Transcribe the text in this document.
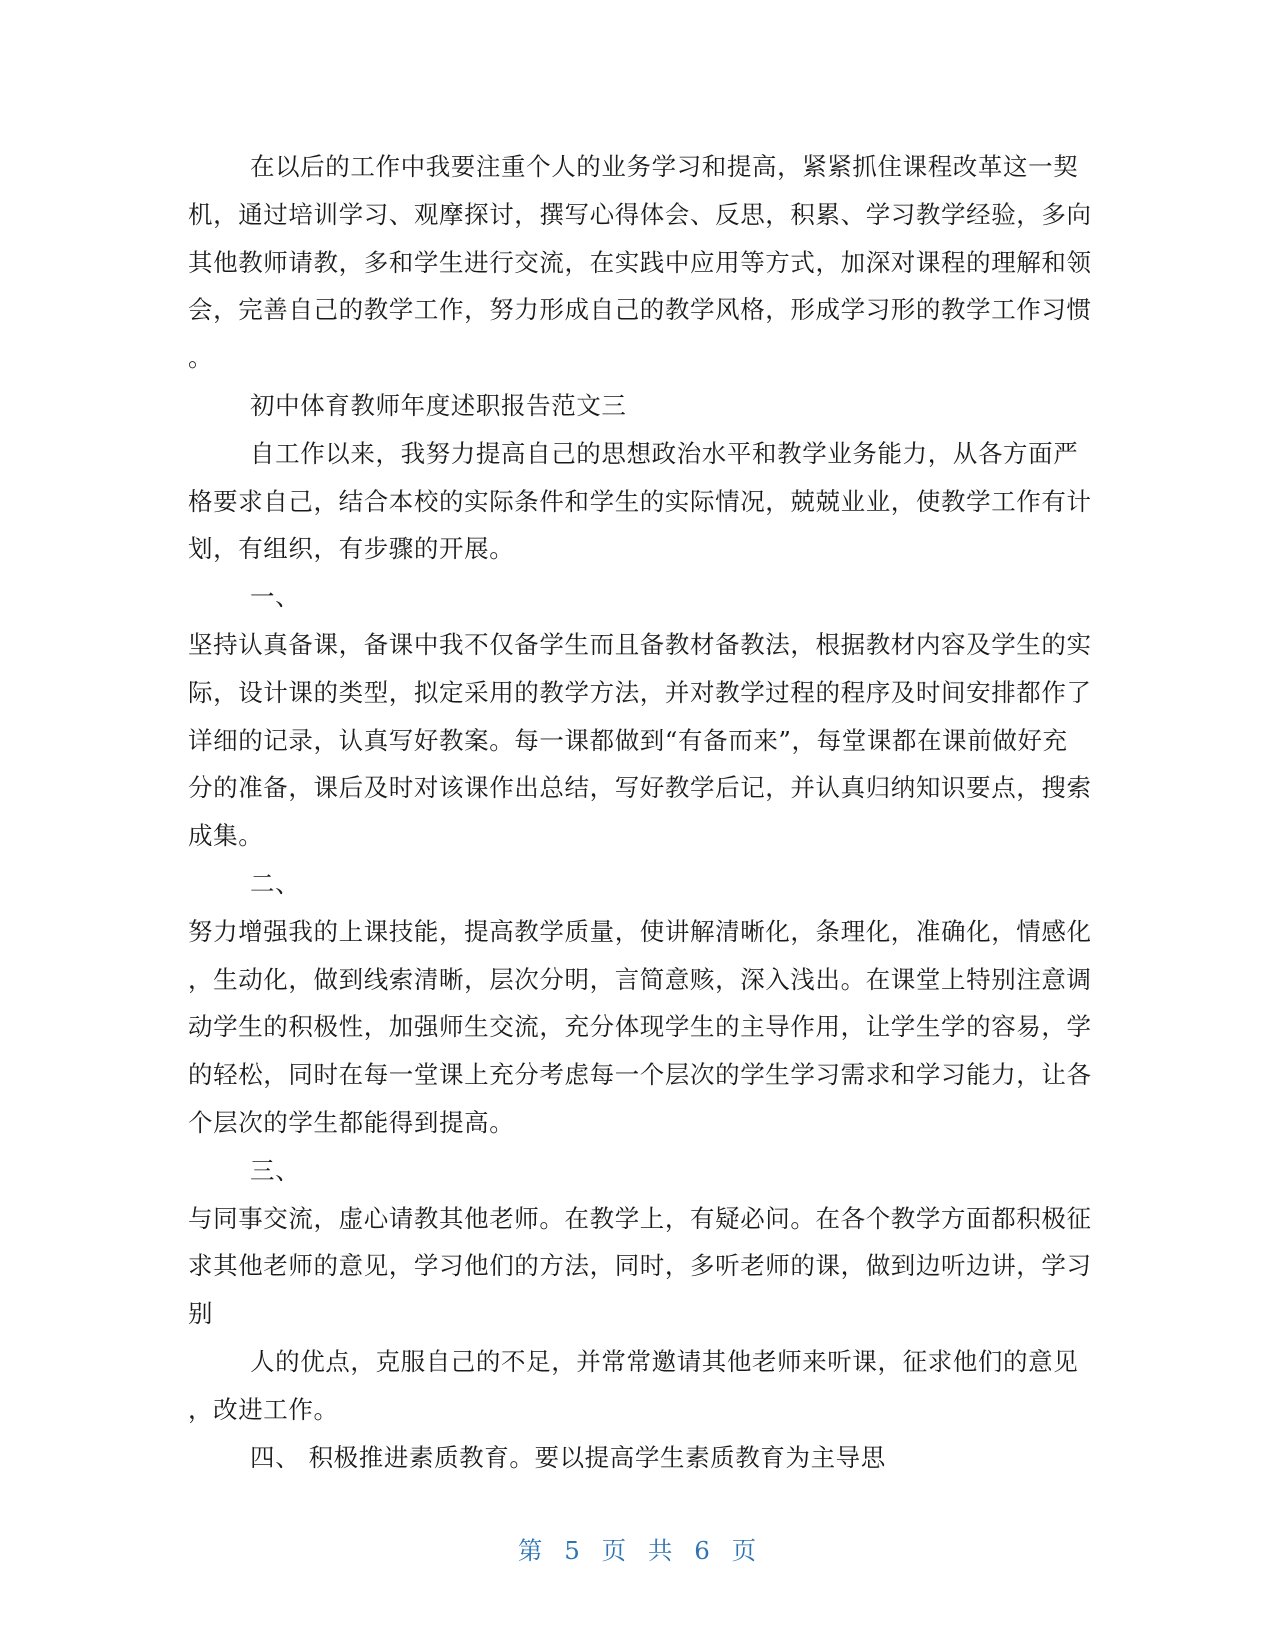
在以后的工作中我要注重个人的业务学习和提高，紧紧抓住课程改革这一契
机，通过培训学习、观摩探讨，撰写心得体会、反思，积累、学习教学经验，多向
其他教师请教，多和学生进行交流，在实践中应用等方式，加深对课程的理解和领
会，完善自己的教学工作，努力形成自己的教学风格，形成学习形的教学工作习惯
。
初中体育教师年度述职报告范文三
自工作以来，我努力提高自己的思想政治水平和教学业务能力，从各方面严
格要求自己，结合本校的实际条件和学生的实际情况，兢兢业业，使教学工作有计
划，有组织，有步骤的开展。
一、
坚持认真备课，备课中我不仅备学生而且备教材备教法，根据教材内容及学生的实
际，设计课的类型，拟定采用的教学方法，并对教学过程的程序及时间安排都作了
详细的记录，认真写好教案。每一课都做到“有备而来”，每堂课都在课前做好充
分的准备，课后及时对该课作出总结，写好教学后记，并认真归纳知识要点，搜索
成集。
二、
努力增强我的上课技能，提高教学质量，使讲解清晰化，条理化，准确化，情感化
，生动化，做到线索清晰，层次分明，言简意赅，深入浅出。在课堂上特别注意调
动学生的积极性，加强师生交流，充分体现学生的主导作用，让学生学的容易，学
的轻松，同时在每一堂课上充分考虑每一个层次的学生学习需求和学习能力，让各
个层次的学生都能得到提高。
三、
与同事交流，虚心请教其他老师。在教学上，有疑必问。在各个教学方面都积极征
求其他老师的意见，学习他们的方法，同时，多听老师的课，做到边听边讲，学习
别
人的优点，克服自己的不足，并常常邀请其他老师来听课，征求他们的意见
，改进工作。
四、 积极推进素质教育。要以提高学生素质教育为主导思
第 5 页 共 6 页
